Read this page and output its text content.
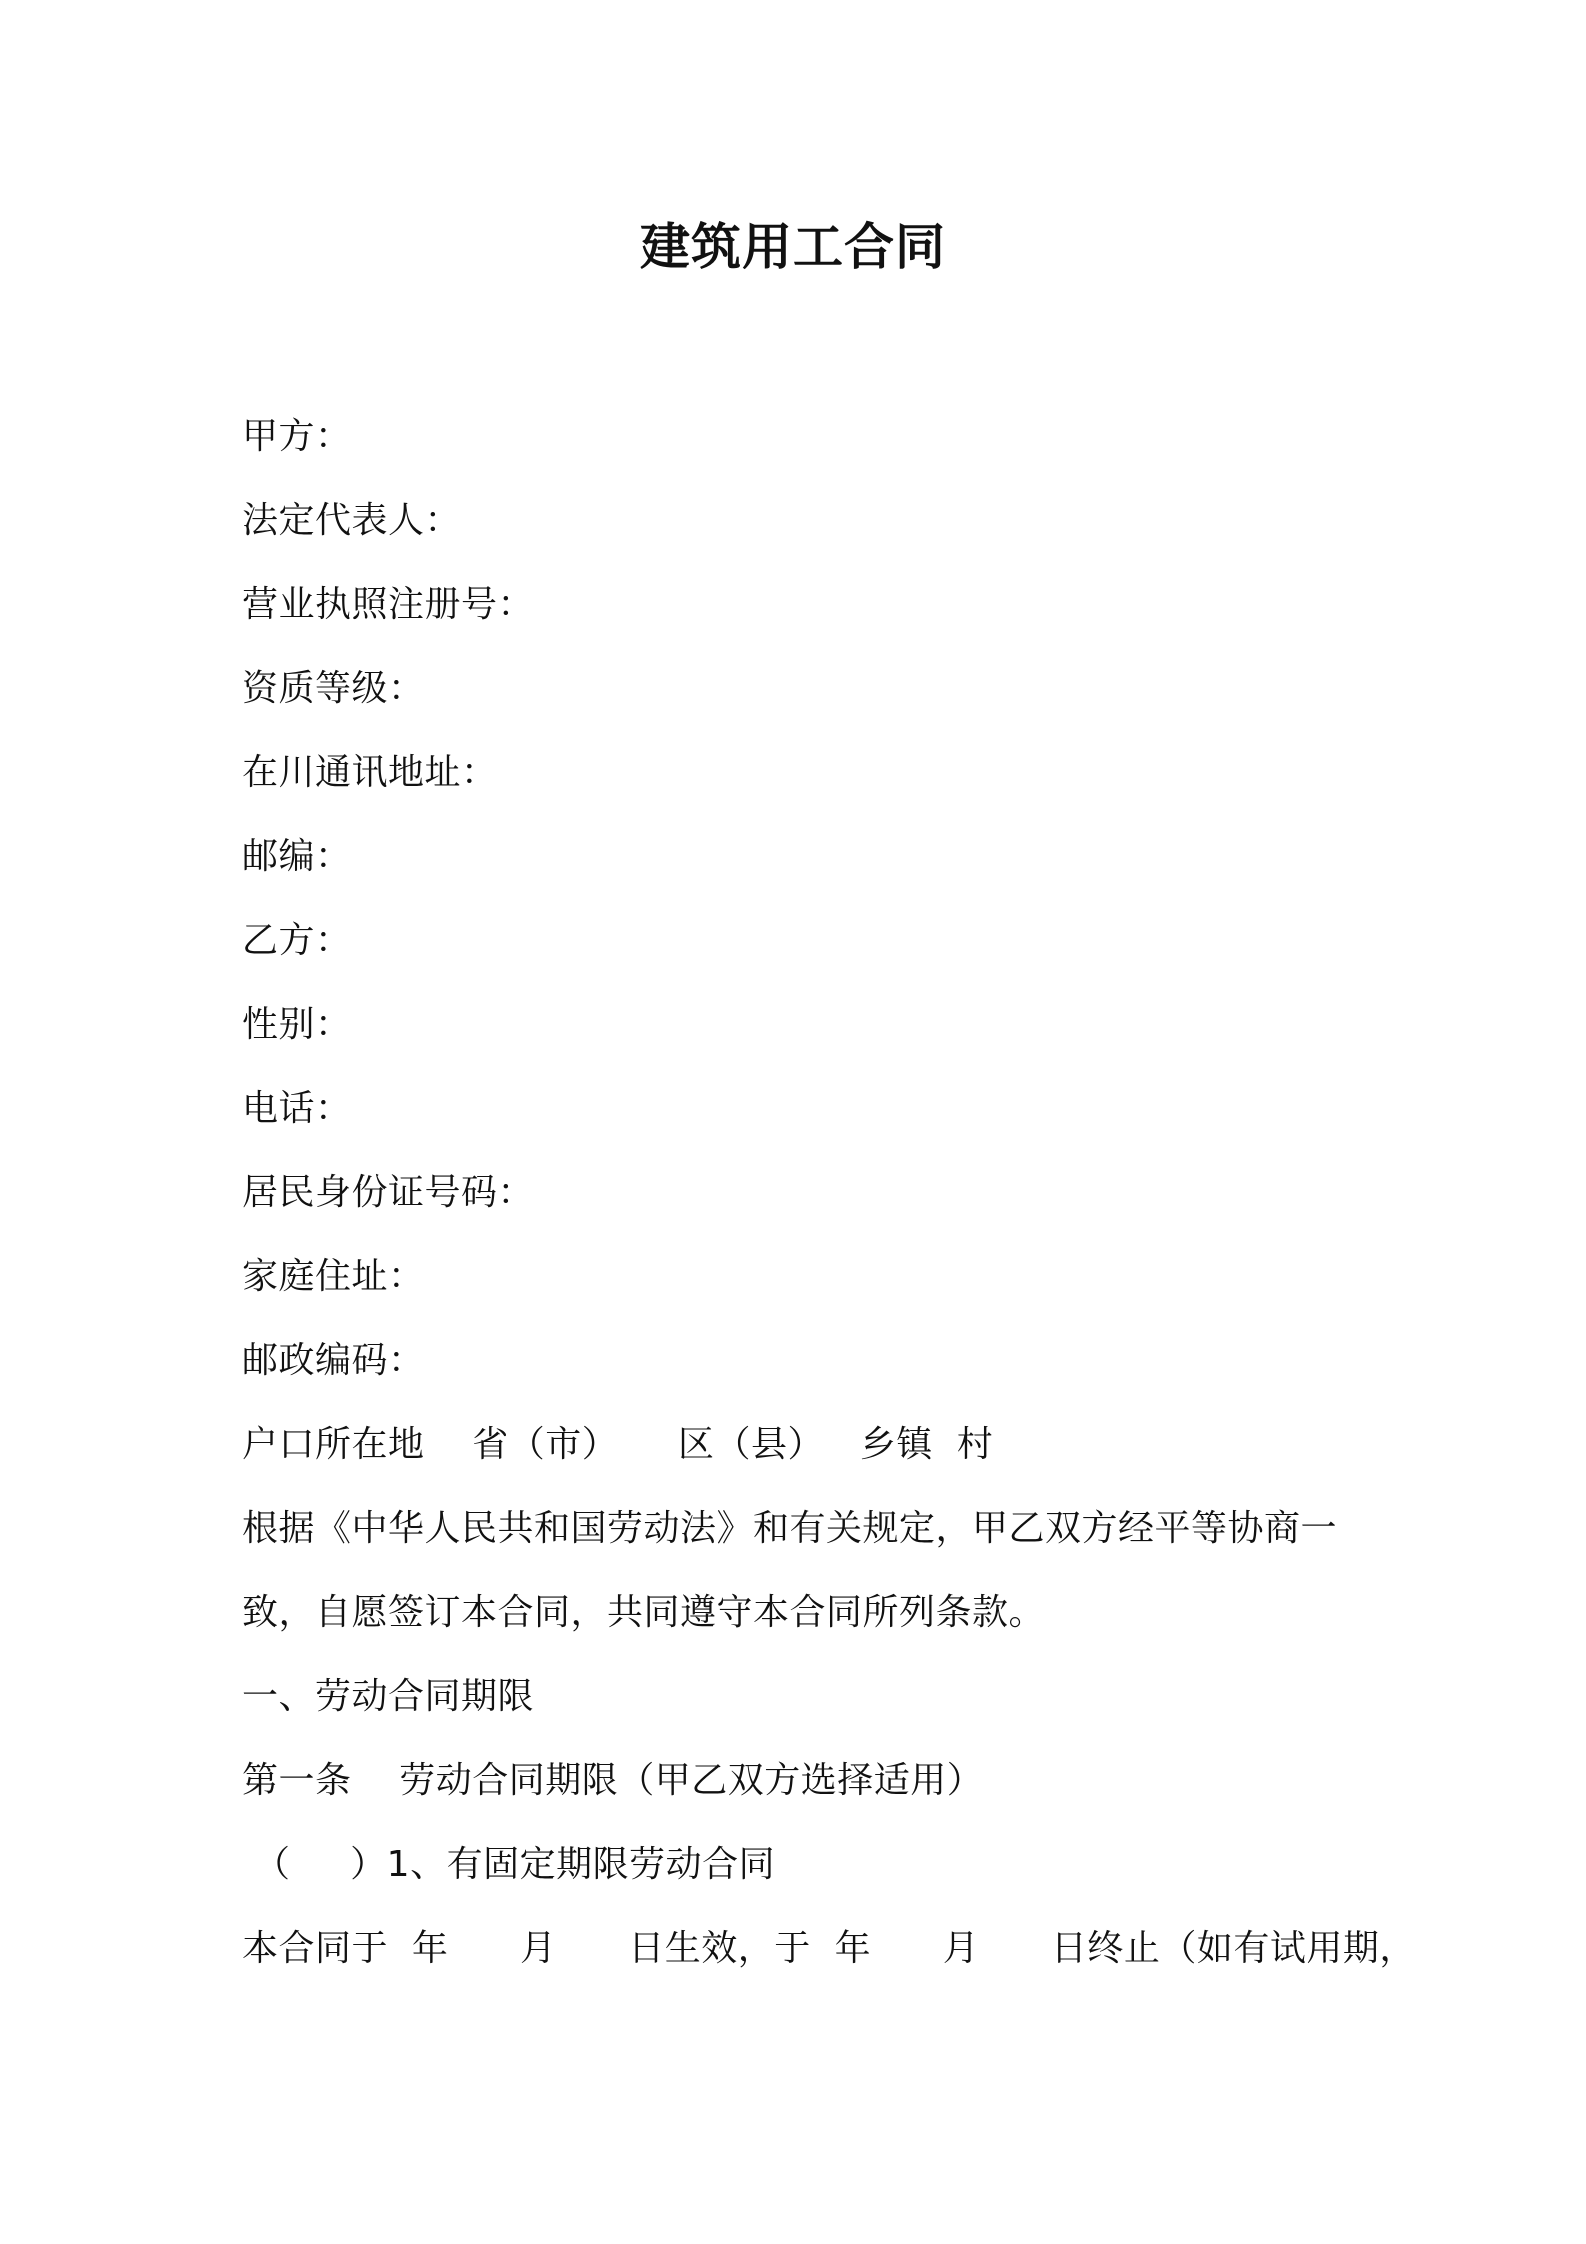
建筑用工合同
甲方：
法定代表人：
营业执照注册号：
资质等级：
在川通讯地址：
邮编：
乙方：
性别：
电话：
居民身份证号码：
家庭住址：
邮政编码：
户口所在地    省（市）     区（县）   乡镇  村
根据《中华人民共和国劳动法》和有关规定，甲乙双方经平等协商一
致，自愿签订本合同，共同遵守本合同所列条款。
一、劳动合同期限
第一条    劳动合同期限（甲乙双方选择适用）
（     ）1、有固定期限劳动合同
本合同于  年      月      日生效，于  年      月      日终止（如有试用期，
